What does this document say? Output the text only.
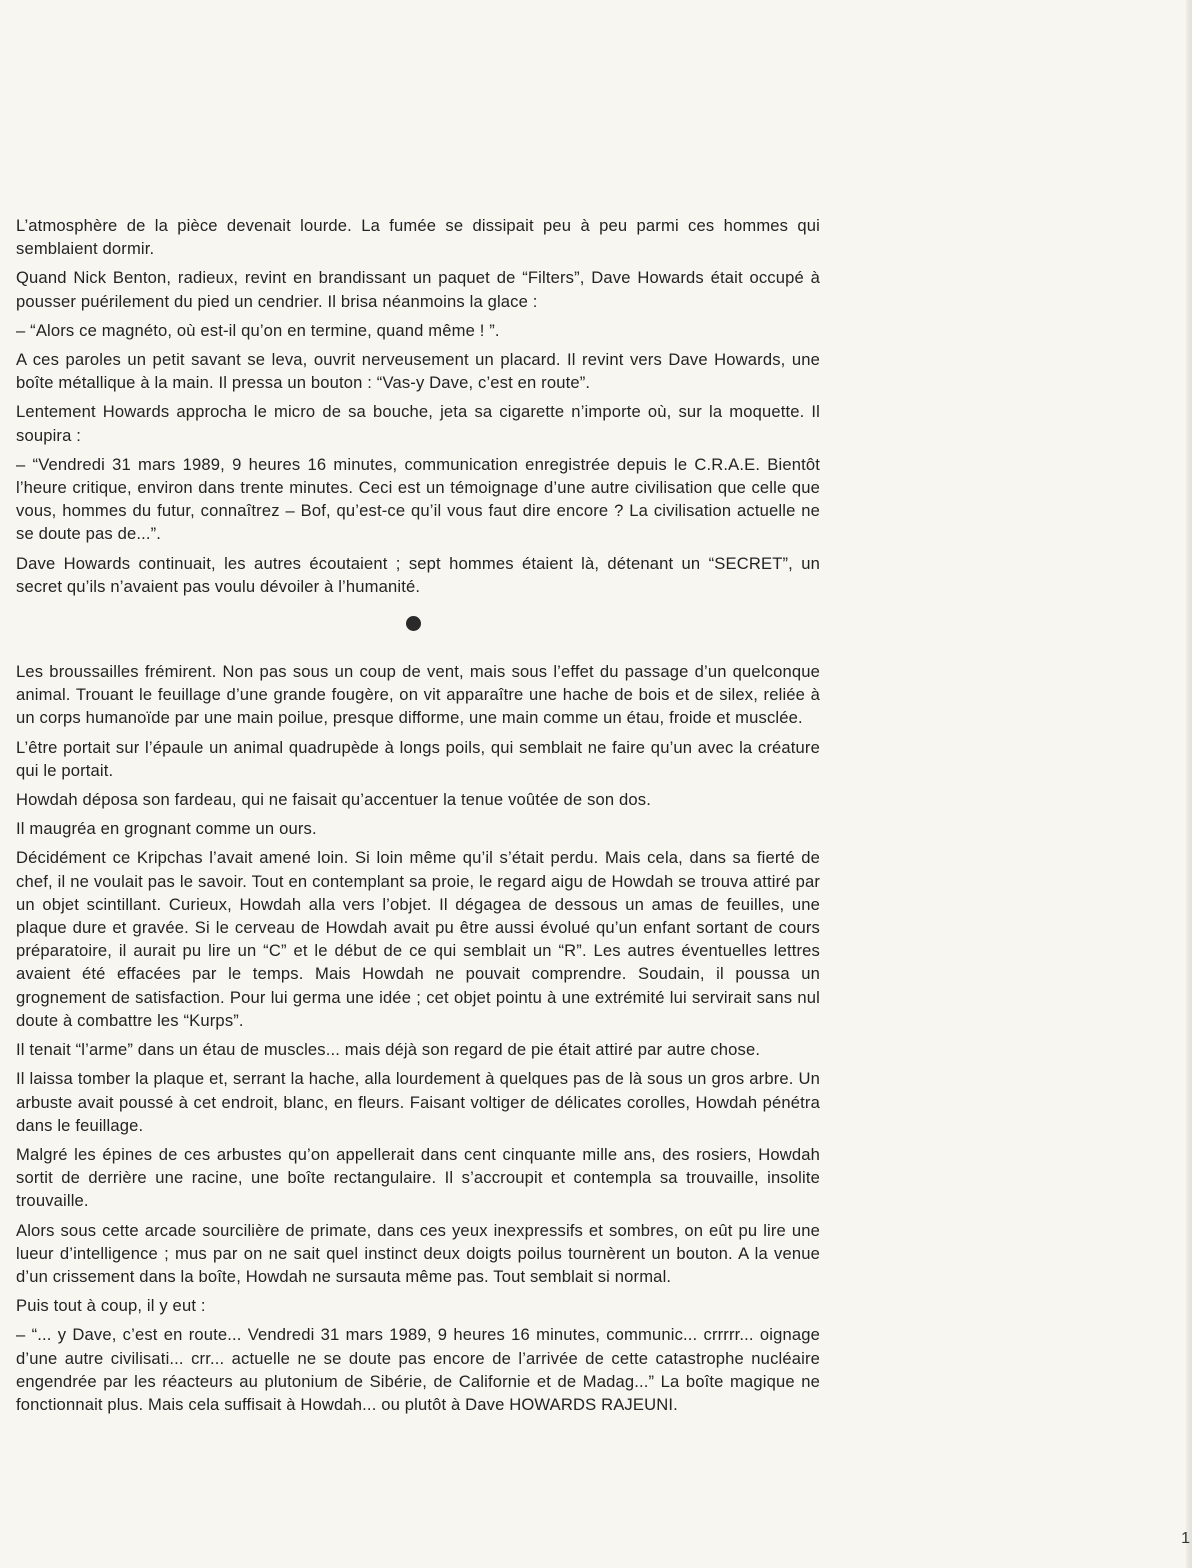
L’atmosphère de la pièce devenait lourde. La fumée se dissipait peu à peu parmi ces hommes qui semblaient dormir.

Quand Nick Benton, radieux, revint en brandissant un paquet de “Filters”, Dave Howards était occupé à pousser puérilement du pied un cendrier. Il brisa néanmoins la glace :

– “Alors ce magnéto, où est-il qu’on en termine, quand même ! ”.

A ces paroles un petit savant se leva, ouvrit nerveusement un placard. Il revint vers Dave Howards, une boîte métallique à la main. Il pressa un bouton : “Vas-y Dave, c’est en route”.

Lentement Howards approcha le micro de sa bouche, jeta sa cigarette n’importe où, sur la moquette. Il soupira :

– “Vendredi 31 mars 1989, 9 heures 16 minutes, communication enregistrée depuis le C.R.A.E. Bientôt l’heure critique, environ dans trente minutes. Ceci est un témoignage d’une autre civilisation que celle que vous, hommes du futur, connaîtrez – Bof, qu’est-ce qu’il vous faut dire encore ? La civilisation actuelle ne se doute pas de...”.

Dave Howards continuait, les autres écoutaient ; sept hommes étaient là, détenant un “SECRET”, un secret qu’ils n’avaient pas voulu dévoiler à l’humanité.

Les broussailles frémirent. Non pas sous un coup de vent, mais sous l’effet du passage d’un quelconque animal. Trouant le feuillage d’une grande fougère, on vit apparaître une hache de bois et de silex, reliée à un corps humanoïde par une main poilue, presque difforme, une main comme un étau, froide et musclée.

L’être portait sur l’épaule un animal quadrupède à longs poils, qui semblait ne faire qu’un avec la créature qui le portait.

Howdah déposa son fardeau, qui ne faisait qu’accentuer la tenue voûtée de son dos.

Il maugréa en grognant comme un ours.

Décidément ce Kripchas l’avait amené loin. Si loin même qu’il s’était perdu. Mais cela, dans sa fierté de chef, il ne voulait pas le savoir. Tout en contemplant sa proie, le regard aigu de Howdah se trouva attiré par un objet scintillant. Curieux, Howdah alla vers l’objet. Il dégagea de dessous un amas de feuilles, une plaque dure et gravée. Si le cerveau de Howdah avait pu être aussi évolué qu’un enfant sortant de cours préparatoire, il aurait pu lire un “C” et le début de ce qui semblait un “R”. Les autres éventuelles lettres avaient été effacées par le temps. Mais Howdah ne pouvait comprendre. Soudain, il poussa un grognement de satisfaction. Pour lui germa une idée ; cet objet pointu à une extrémité lui servirait sans nul doute à combattre les “Kurps”.

Il tenait “l’arme” dans un étau de muscles... mais déjà son regard de pie était attiré par autre chose.

Il laissa tomber la plaque et, serrant la hache, alla lourdement à quelques pas de là sous un gros arbre. Un arbuste avait poussé à cet endroit, blanc, en fleurs. Faisant voltiger de délicates corolles, Howdah pénétra dans le feuillage.

Malgré les épines de ces arbustes qu’on appellerait dans cent cinquante mille ans, des rosiers, Howdah sortit de derrière une racine, une boîte rectangulaire. Il s’accroupit et contempla sa trouvaille, insolite trouvaille.

Alors sous cette arcade sourcilière de primate, dans ces yeux inexpressifs et sombres, on eût pu lire une lueur d’intelligence ; mus par on ne sait quel instinct deux doigts poilus tournèrent un bouton. A la venue d’un crissement dans la boîte, Howdah ne sursauta même pas. Tout semblait si normal.

Puis tout à coup, il y eut :

– “... y Dave, c’est en route... Vendredi 31 mars 1989, 9 heures 16 minutes, communic... crrrrr... oignage d’une autre civilisati... crr... actuelle ne se doute pas encore de l’arrivée de cette catastrophe nucléaire engendrée par les réacteurs au plutonium de Sibérie, de Californie et de Madag...” La boîte magique ne fonctionnait plus. Mais cela suffisait à Howdah... ou plutôt à Dave HOWARDS RAJEUNI.

1
